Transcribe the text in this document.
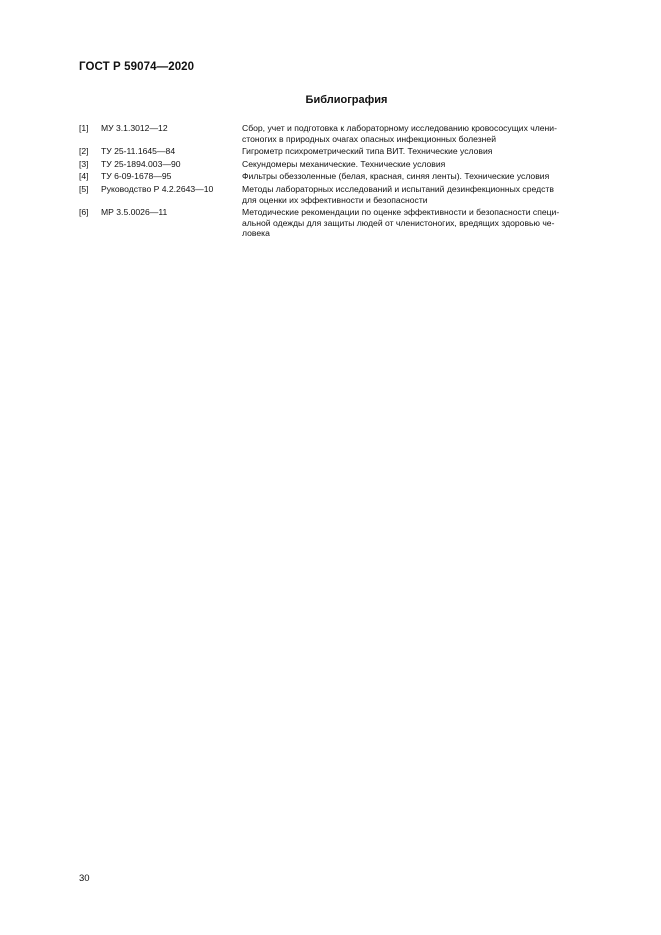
ГОСТ Р 59074—2020
Библиография
[1]	МУ 3.1.3012—12	Сбор, учет и подготовка к лабораторному исследованию кровососущих члени-
стоногих в природных очагах опасных инфекционных болезней
[2]	ТУ 25-11.1645—84	Гигрометр психрометрический типа ВИТ. Технические условия
[3]	ТУ 25-1894.003—90	Секундомеры механические. Технические условия
[4]	ТУ 6-09-1678—95	Фильтры обеззоленные (белая, красная, синяя ленты). Технические условия
[5]	Руководство Р 4.2.2643—10	Методы лабораторных исследований и испытаний дезинфекционных средств
для оценки их эффективности и безопасности
[6]	МР 3.5.0026—11	Методические рекомендации по оценке эффективности и безопасности специ-
альной одежды для защиты людей от членистоногих, вредящих здоровью че-
ловека
30
